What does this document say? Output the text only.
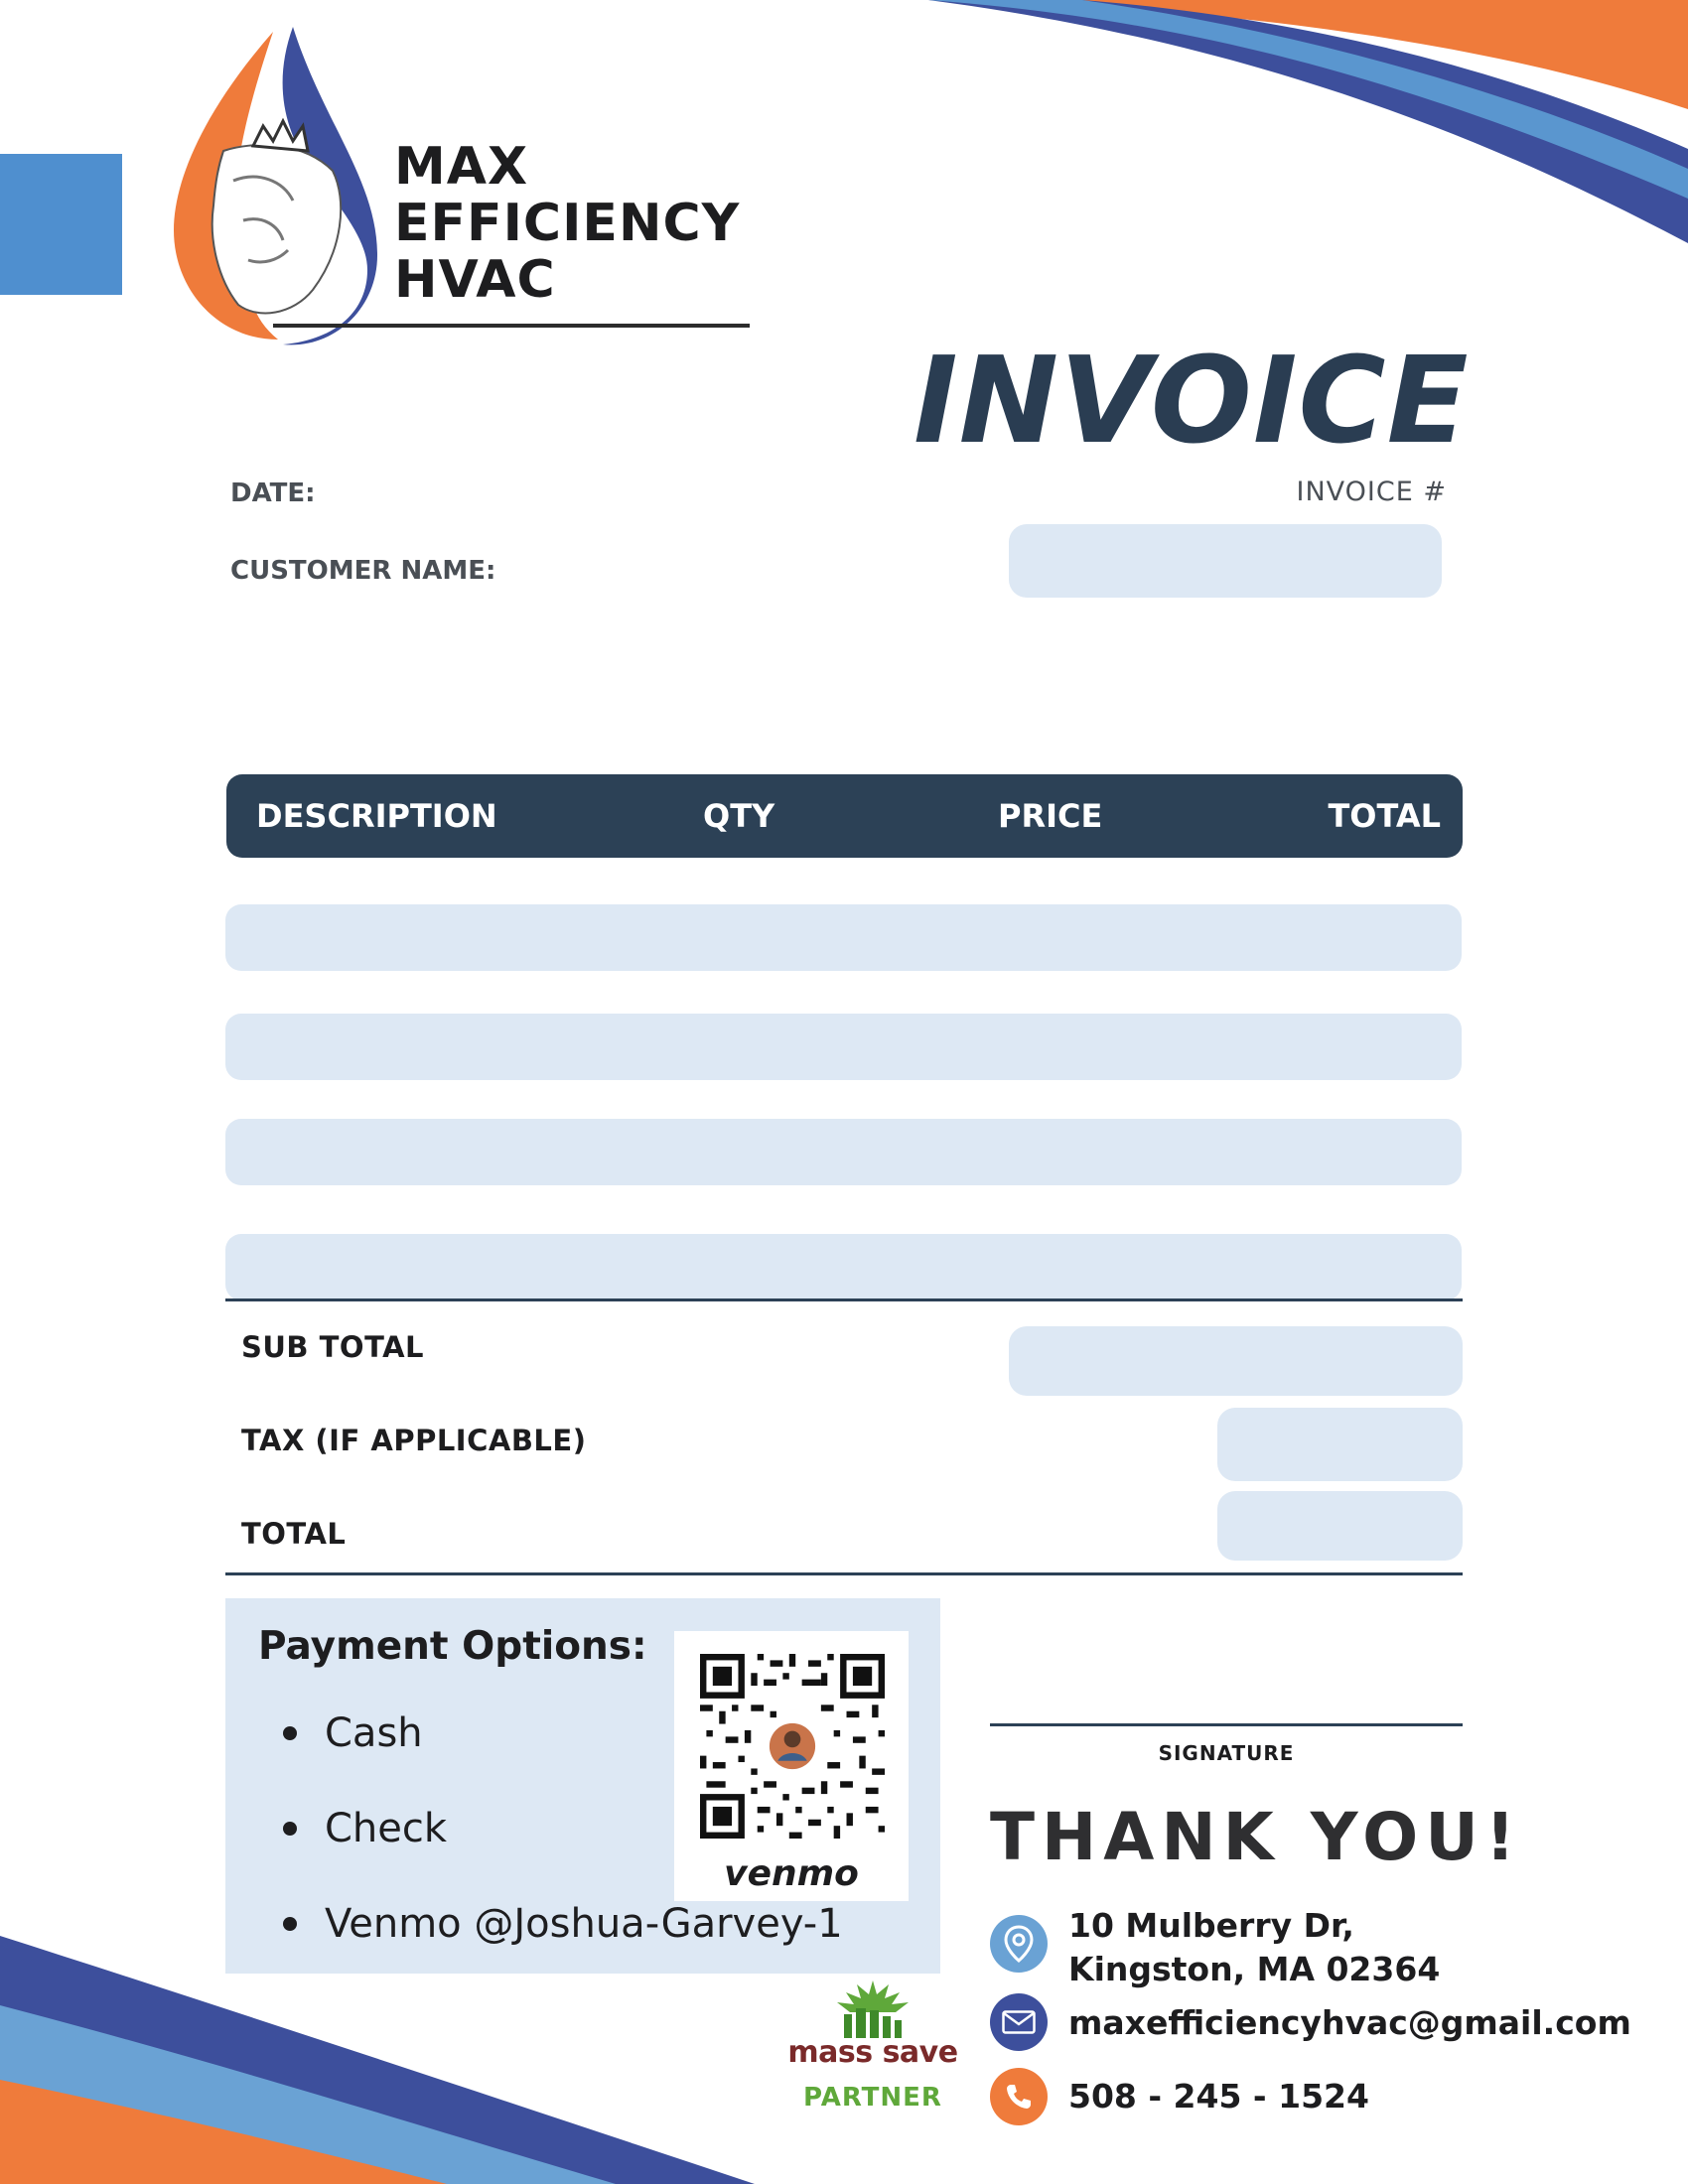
MAX
EFFICIENCY
HVAC
INVOICE
DATE:
CUSTOMER NAME:
INVOICE #
DESCRIPTION	QTY	PRICE	TOTAL
SUB TOTAL
TAX (IF APPLICABLE)
TOTAL
Payment Options:
Cash
Check
Venmo @Joshua-Garvey-1
venmo
SIGNATURE
THANK YOU!
10 Mulberry Dr,
Kingston, MA 02364
maxefficiencyhvac@gmail.com
508 - 245 - 1524
mass save
PARTNER
